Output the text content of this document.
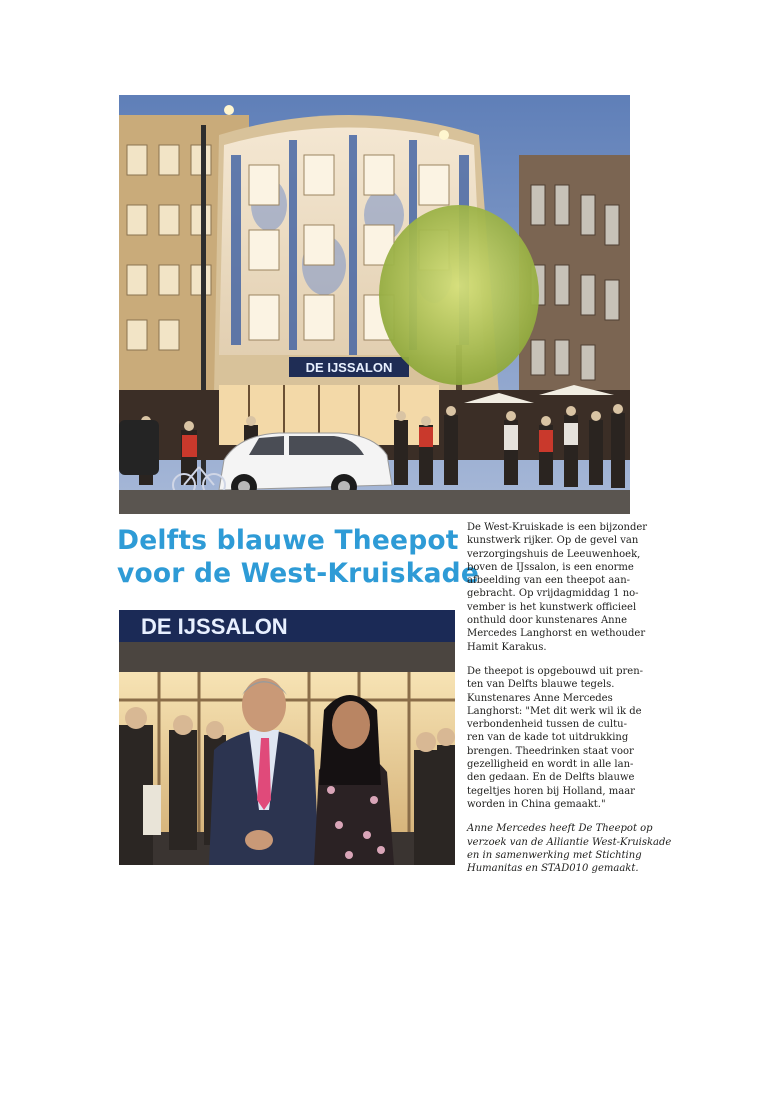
DE IJSSALON
Delfts blauwe Theepot
voor de West-Kruiskade
DE IJSSALON

De West-Kruiskade is een bijzonder
kunstwerk rijker. Op de gevel van
verzorgingshuis de Leeuwenhoek,
boven de IJssalon, is een enorme
afbeelding van een theepot aan-
gebracht. Op vrijdagmiddag 1 no-
vember is het kunstwerk officieel
onthuld door kunstenares Anne
Mercedes Langhorst en wethouder
Hamit Karakus.

De theepot is opgebouwd uit pren-
ten van Delfts blauwe tegels.
Kunstenares Anne Mercedes
Langhorst: "Met dit werk wil ik de
verbondenheid tussen de cultu-
ren van de kade tot uitdrukking
brengen. Theedrinken staat voor
gezelligheid en wordt in alle lan-
den gedaan. En de Delfts blauwe
tegeltjes horen bij Holland, maar
worden in China gemaakt."

Anne Mercedes heeft De Theepot op
verzoek van de Alliantie West-Kruiskade
en in samenwerking met Stichting
Humanitas en STAD010 gemaakt.
